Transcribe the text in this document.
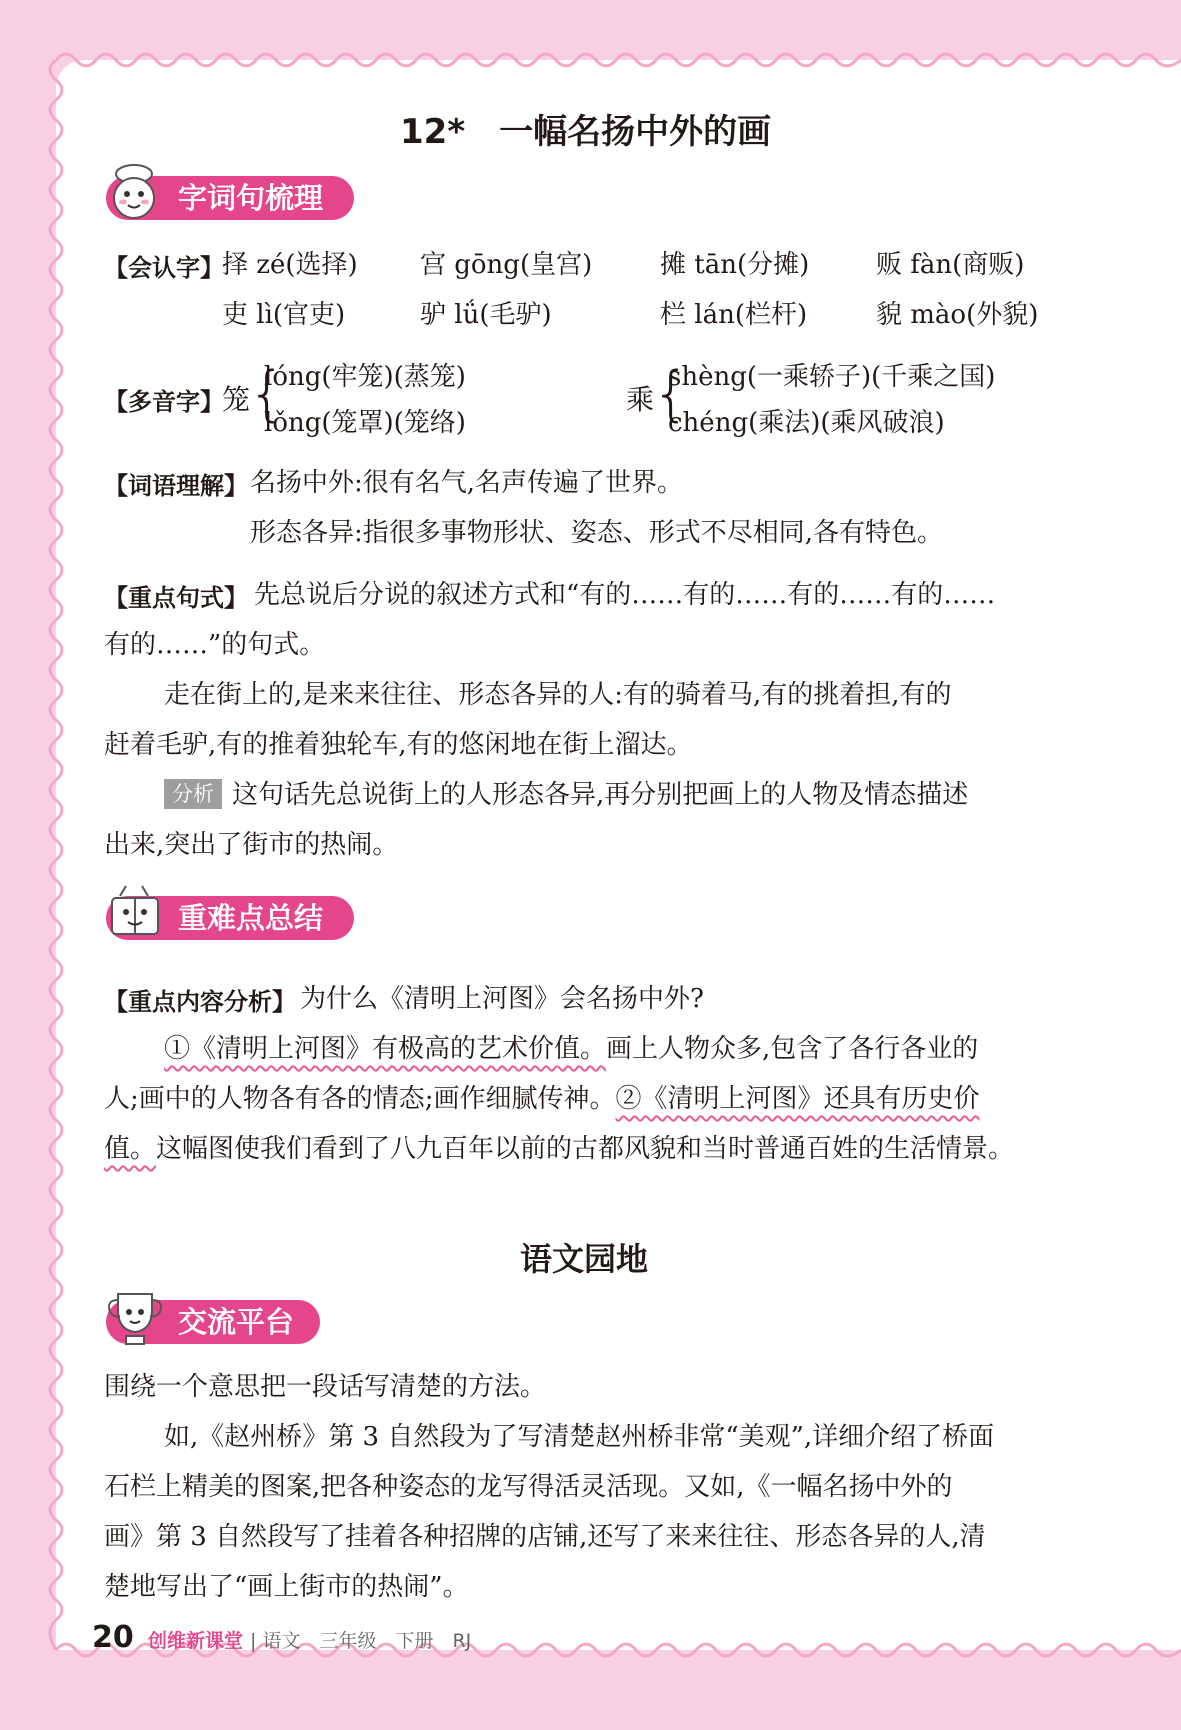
12*　一幅名扬中外的画
字词句梳理
【会认字】
择 zé(选择) 宫 gōng(皇宫)	摊 tān(分摊)	贩 fàn(商贩)
吏 lì(官吏)	驴 lǘ(毛驴)	栏 lán(栏杆)	貌 mào(外貌)
【多音字】
笼
{
lóng(牢笼)(蒸笼)
lǒng(笼罩)(笼络)
乘
{
shèng(一乘轿子)(千乘之国)
chéng(乘法)(乘风破浪)
【词语理解】 名扬中外:很有名气,名声传遍了世界。
形态各异:指很多事物形状、姿态、形式不尽相同,各有特色。
【重点句式】 先总说后分说的叙述方式和“有的……有的……有的……有的……
有的……”的句式。
走在街上的,是来来往往、形态各异的人:有的骑着马,有的挑着担,有的
赶着毛驴,有的推着独轮车,有的悠闲地在街上溜达。
分析 这句话先总说街上的人形态各异,再分别把画上的人物及情态描述
出来,突出了街市的热闹。
重难点总结
【重点内容分析】 为什么《清明上河图》会名扬中外?
①《清明上河图》有极高的艺术价值。画上人物众多,包含了各行各业的
人;画中的人物各有各的情态;画作细腻传神。②《清明上河图》还具有历史价
值。这幅图使我们看到了八九百年以前的古都风貌和当时普通百姓的生活情景。
语文园地
交流平台
围绕一个意思把一段话写清楚的方法。
如,《赵州桥》第 3 自然段为了写清楚赵州桥非常“美观”,详细介绍了桥面
石栏上精美的图案,把各种姿态的龙写得活灵活现。又如,《一幅名扬中外的
画》第 3 自然段写了挂着各种招牌的店铺,还写了来来往往、形态各异的人,清
楚地写出了“画上街市的热闹”。
20 创维新课堂 | 语文　三年级　下册　RJ
